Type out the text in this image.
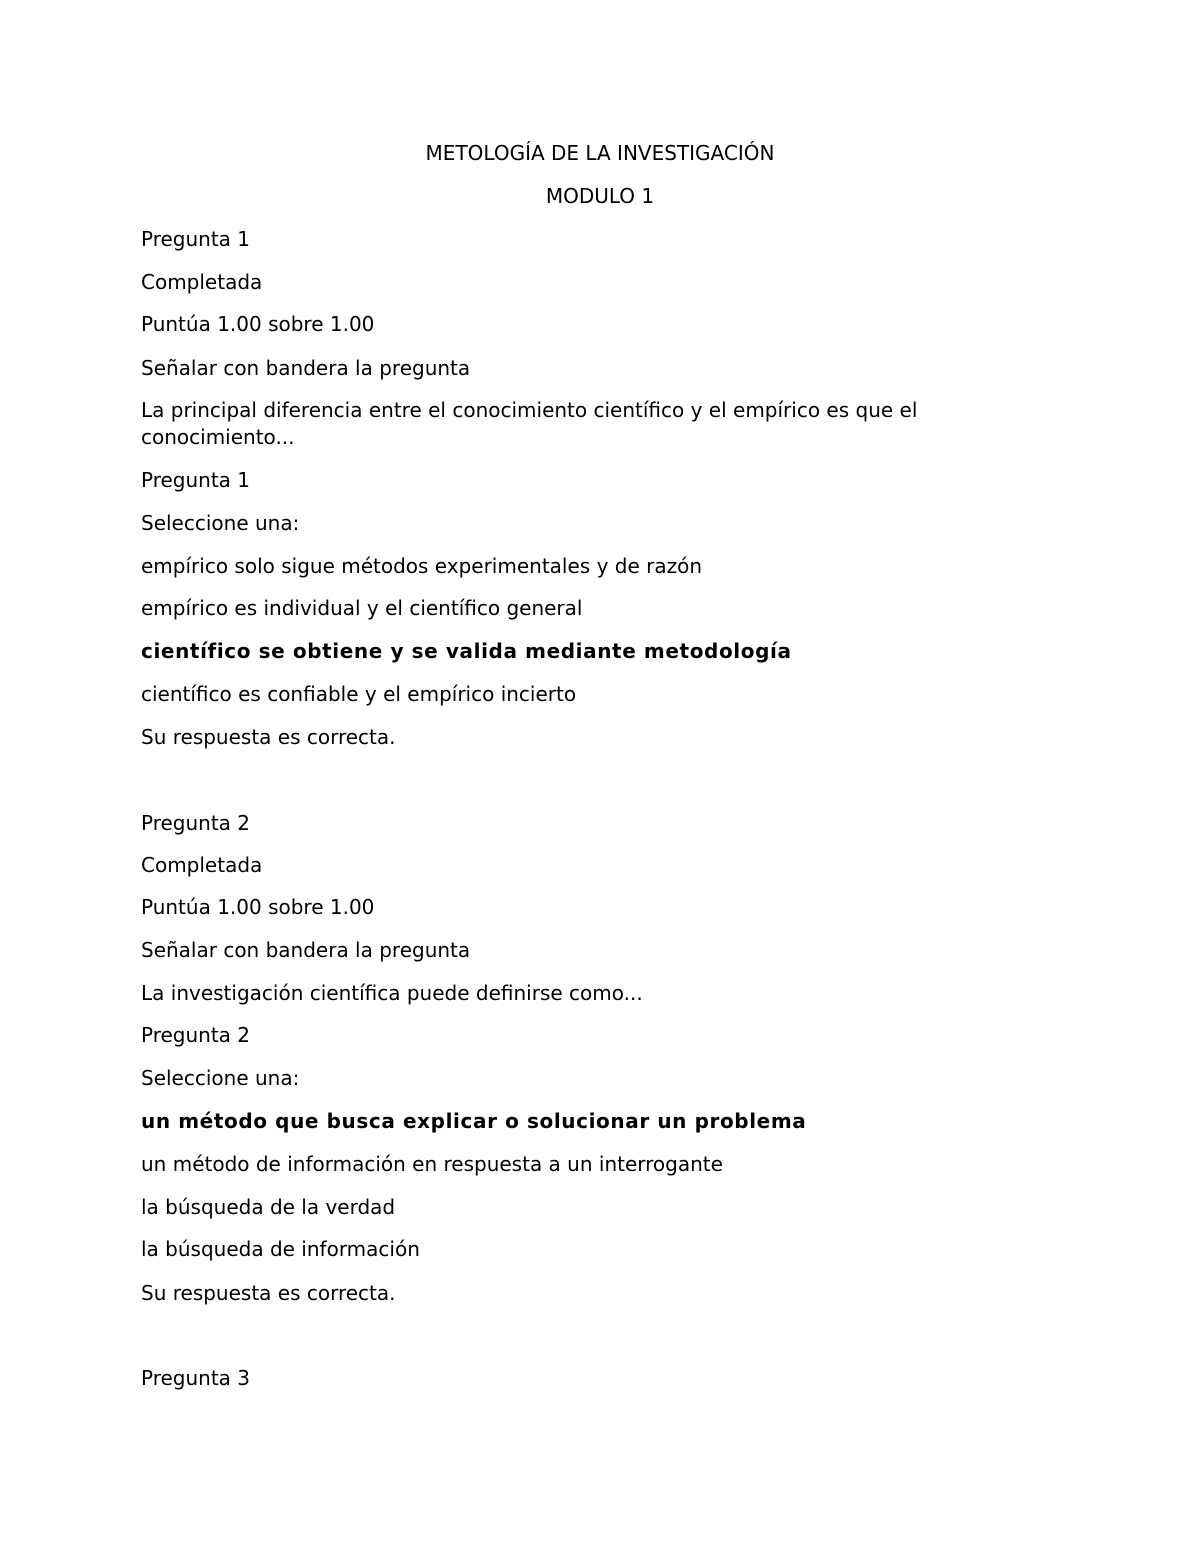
METOLOGÍA DE LA INVESTIGACIÓN
MODULO 1
Pregunta 1
Completada
Puntúa 1.00 sobre 1.00
Señalar con bandera la pregunta
La principal diferencia entre el conocimiento científico y el empírico es que el conocimiento...
Pregunta 1
Seleccione una:
empírico solo sigue métodos experimentales y de razón
empírico es individual y el científico general
científico se obtiene y se valida mediante metodología
científico es confiable y el empírico incierto
Su respuesta es correcta.
Pregunta 2
Completada
Puntúa 1.00 sobre 1.00
Señalar con bandera la pregunta
La investigación científica puede definirse como...
Pregunta 2
Seleccione una:
un método que busca explicar o solucionar un problema
un método de información en respuesta a un interrogante
la búsqueda de la verdad
la búsqueda de información
Su respuesta es correcta.
Pregunta 3
